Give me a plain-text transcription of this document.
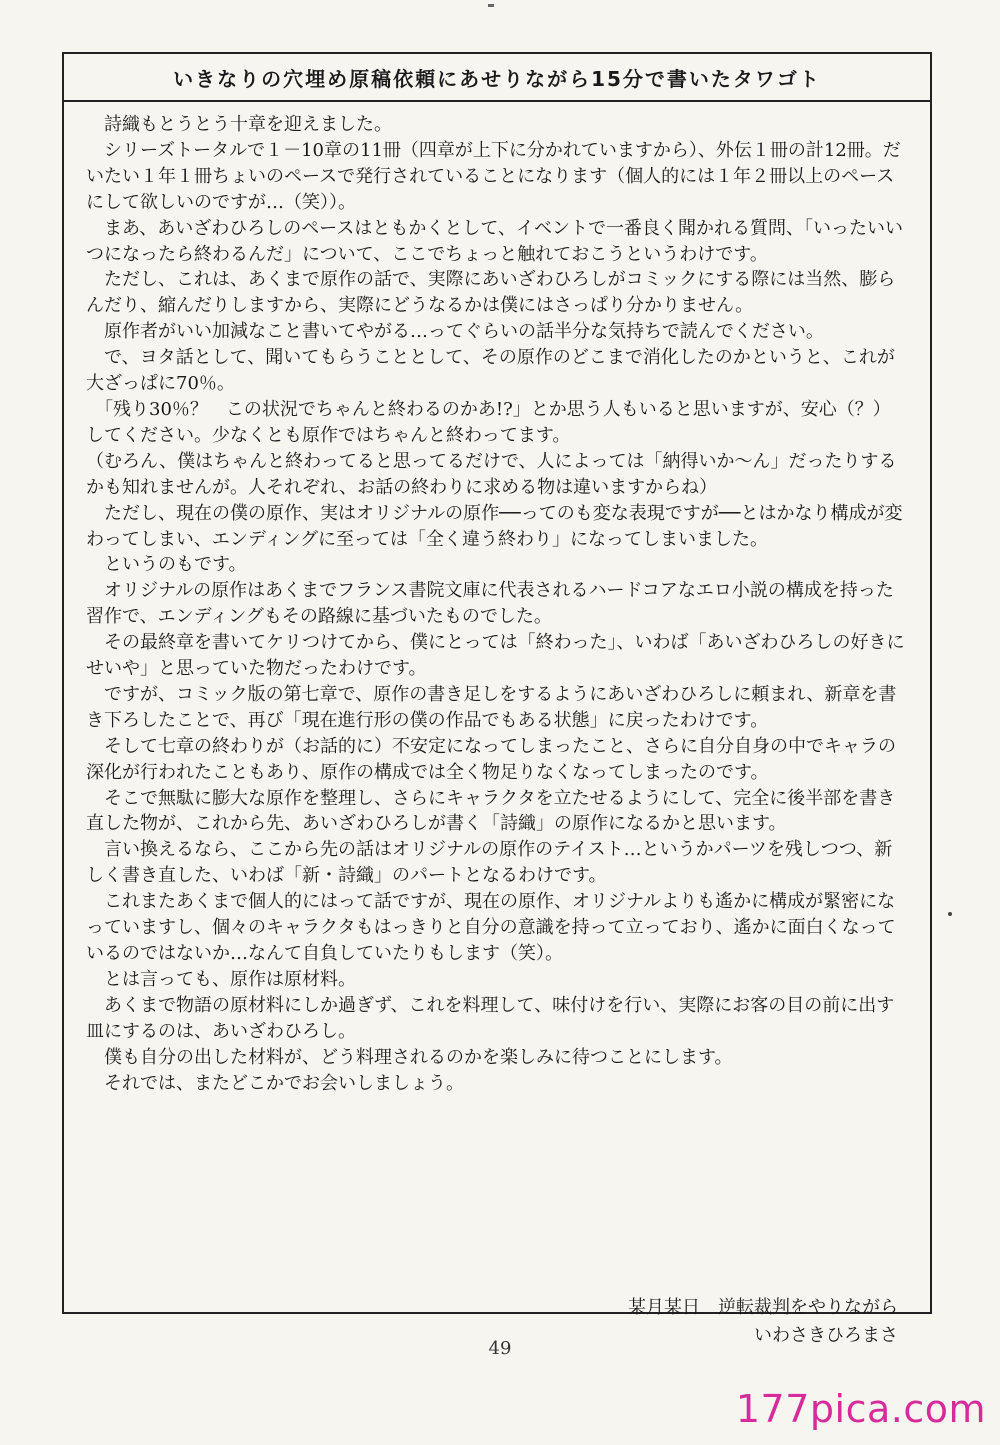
いきなりの穴埋め原稿依頼にあせりながら15分で書いたタワゴト
　詩織もとうとう十章を迎えました。
　シリーズトータルで１－10章の11冊（四章が上下に分かれていますから）、外伝１冊の計12冊。だいたい１年１冊ちょいのペースで発行されていることになります（個人的には１年２冊以上のペースにして欲しいのですが…（笑））。
　まあ、あいざわひろしのペースはともかくとして、イベントで一番良く聞かれる質問、「いったいいつになったら終わるんだ」について、ここでちょっと触れておこうというわけです。
　ただし、これは、あくまで原作の話で、実際にあいざわひろしがコミックにする際には当然、膨らんだり、縮んだりしますから、実際にどうなるかは僕にはさっぱり分かりません。
　原作者がいい加減なこと書いてやがる…ってぐらいの話半分な気持ちで読んでください。
　で、ヨタ話として、聞いてもらうこととして、その原作のどこまで消化したのかというと、これが大ざっぱに70％。
　「残り30％？　この状況でちゃんと終わるのかあ!?」とか思う人もいると思いますが、安心（？）してください。少なくとも原作ではちゃんと終わってます。
（むろん、僕はちゃんと終わってると思ってるだけで、人によっては「納得いか～ん」だったりするかも知れませんが。人それぞれ、お話の終わりに求める物は違いますからね）
　ただし、現在の僕の原作、実はオリジナルの原作──ってのも変な表現ですが──とはかなり構成が変わってしまい、エンディングに至っては「全く違う終わり」になってしまいました。
　というのもです。
　オリジナルの原作はあくまでフランス書院文庫に代表されるハードコアなエロ小説の構成を持った習作で、エンディングもその路線に基づいたものでした。
　その最終章を書いてケリつけてから、僕にとっては「終わった」、いわば「あいざわひろしの好きにせいや」と思っていた物だったわけです。
　ですが、コミック版の第七章で、原作の書き足しをするようにあいざわひろしに頼まれ、新章を書き下ろしたことで、再び「現在進行形の僕の作品でもある状態」に戻ったわけです。
　そして七章の終わりが（お話的に）不安定になってしまったこと、さらに自分自身の中でキャラの深化が行われたこともあり、原作の構成では全く物足りなくなってしまったのです。
　そこで無駄に膨大な原作を整理し、さらにキャラクタを立たせるようにして、完全に後半部を書き直した物が、これから先、あいざわひろしが書く「詩織」の原作になるかと思います。
　言い換えるなら、ここから先の話はオリジナルの原作のテイスト…というかパーツを残しつつ、新しく書き直した、いわば「新・詩織」のパートとなるわけです。
　これまたあくまで個人的にはって話ですが、現在の原作、オリジナルよりも遙かに構成が緊密になっていますし、個々のキャラクタもはっきりと自分の意識を持って立っており、遙かに面白くなっているのではないか…なんて自負していたりもします（笑）。
　とは言っても、原作は原材料。
　あくまで物語の原材料にしか過ぎず、これを料理して、味付けを行い、実際にお客の目の前に出す皿にするのは、あいざわひろし。
　僕も自分の出した材料が、どう料理されるのかを楽しみに待つことにします。
　それでは、またどこかでお会いしましょう。
某月某日　逆転裁判をやりながら
いわさきひろまさ
49
177pica.com
